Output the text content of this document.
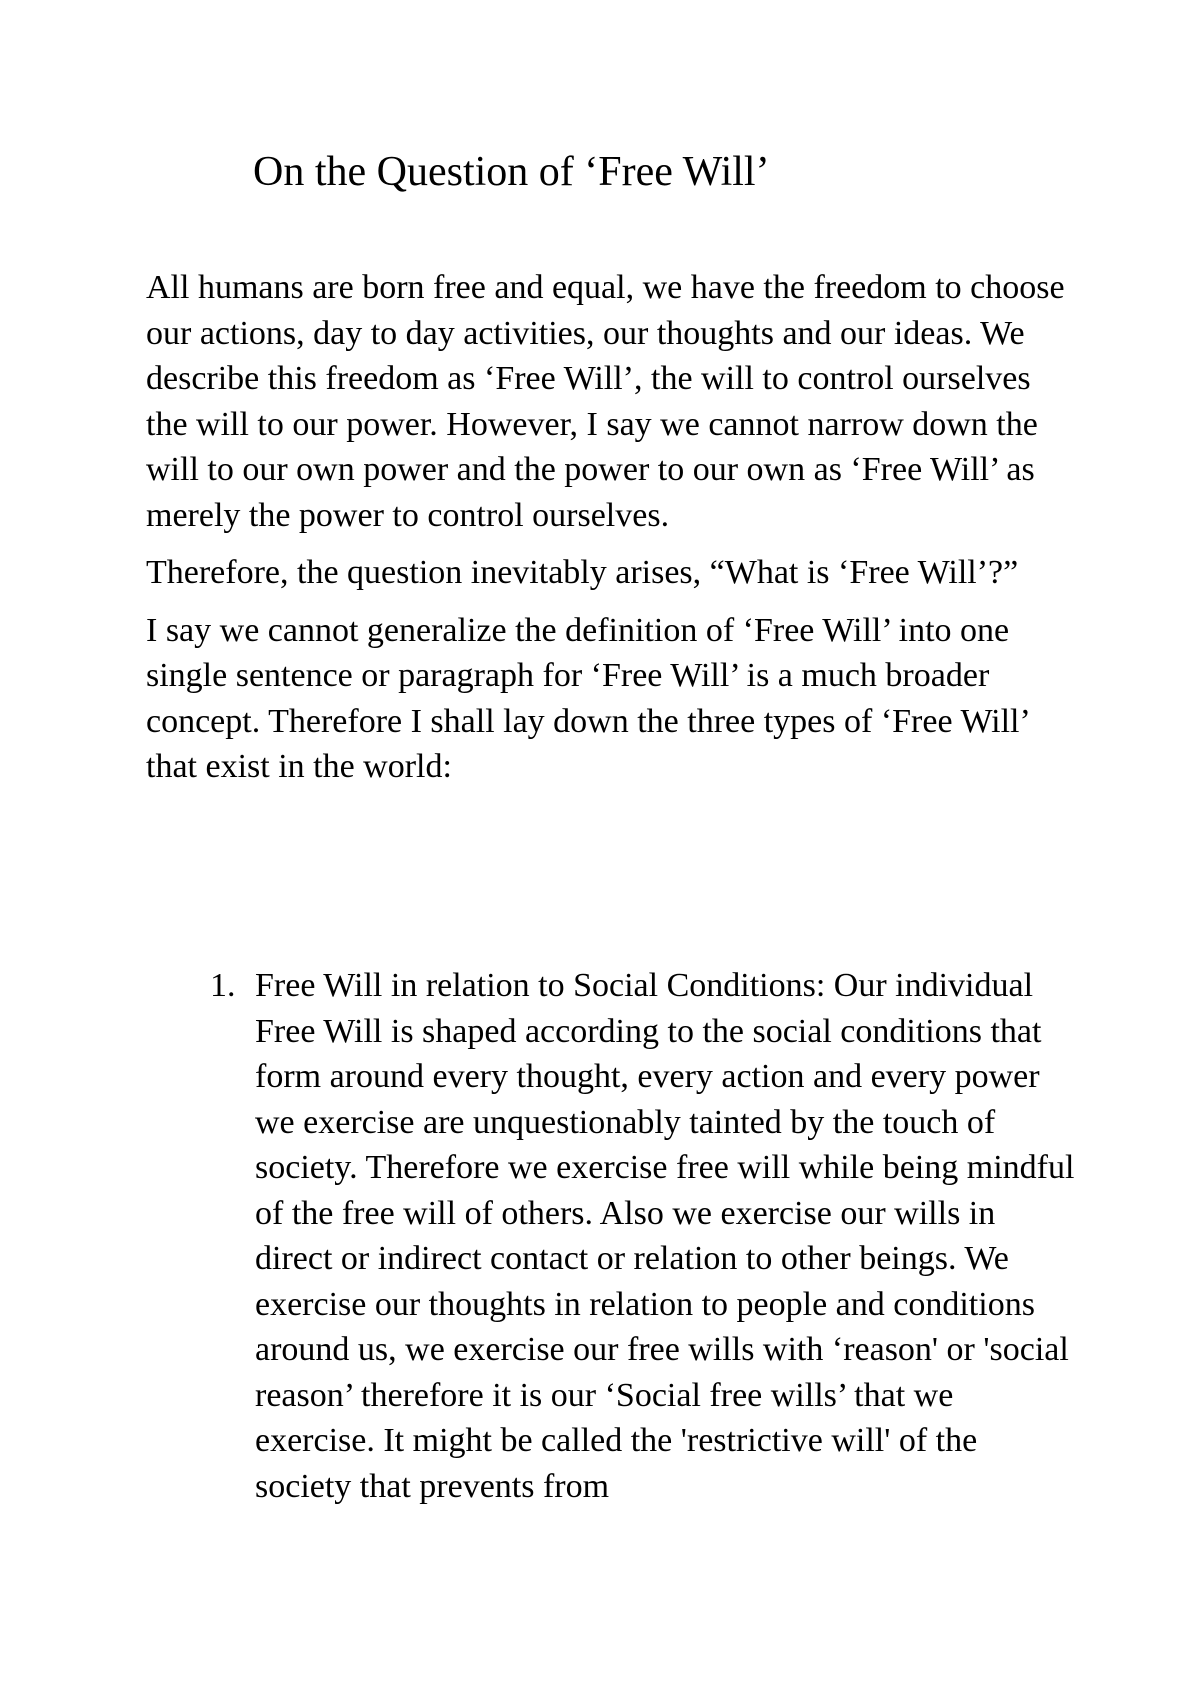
On the Question of ‘Free Will’

All humans are born free and equal, we have the freedom to choose our actions, day to day activities, our thoughts and our ideas. We describe this freedom as ‘Free Will’, the will to control ourselves the will to our power. However, I say we cannot narrow down the will to our own power and the power to our own as ‘Free Will’ as merely the power to control ourselves.

Therefore, the question inevitably arises, “What is ‘Free Will’?”

I say we cannot generalize the definition of ‘Free Will’ into one single sentence or paragraph for ‘Free Will’ is a much broader concept. Therefore I shall lay down the three types of ‘Free Will’ that exist in the world:

1. Free Will in relation to Social Conditions: Our individual Free Will is shaped according to the social conditions that form around every thought, every action and every power we exercise are unquestionably tainted by the touch of society. Therefore we exercise free will while being mindful of the free will of others. Also we exercise our wills in direct or indirect contact or relation to other beings. We exercise our thoughts in relation to people and conditions around us, we exercise our free wills with ‘reason' or 'social reason’ therefore it is our ‘Social free wills’ that we exercise. It might be called the 'restrictive will' of the society that prevents from
